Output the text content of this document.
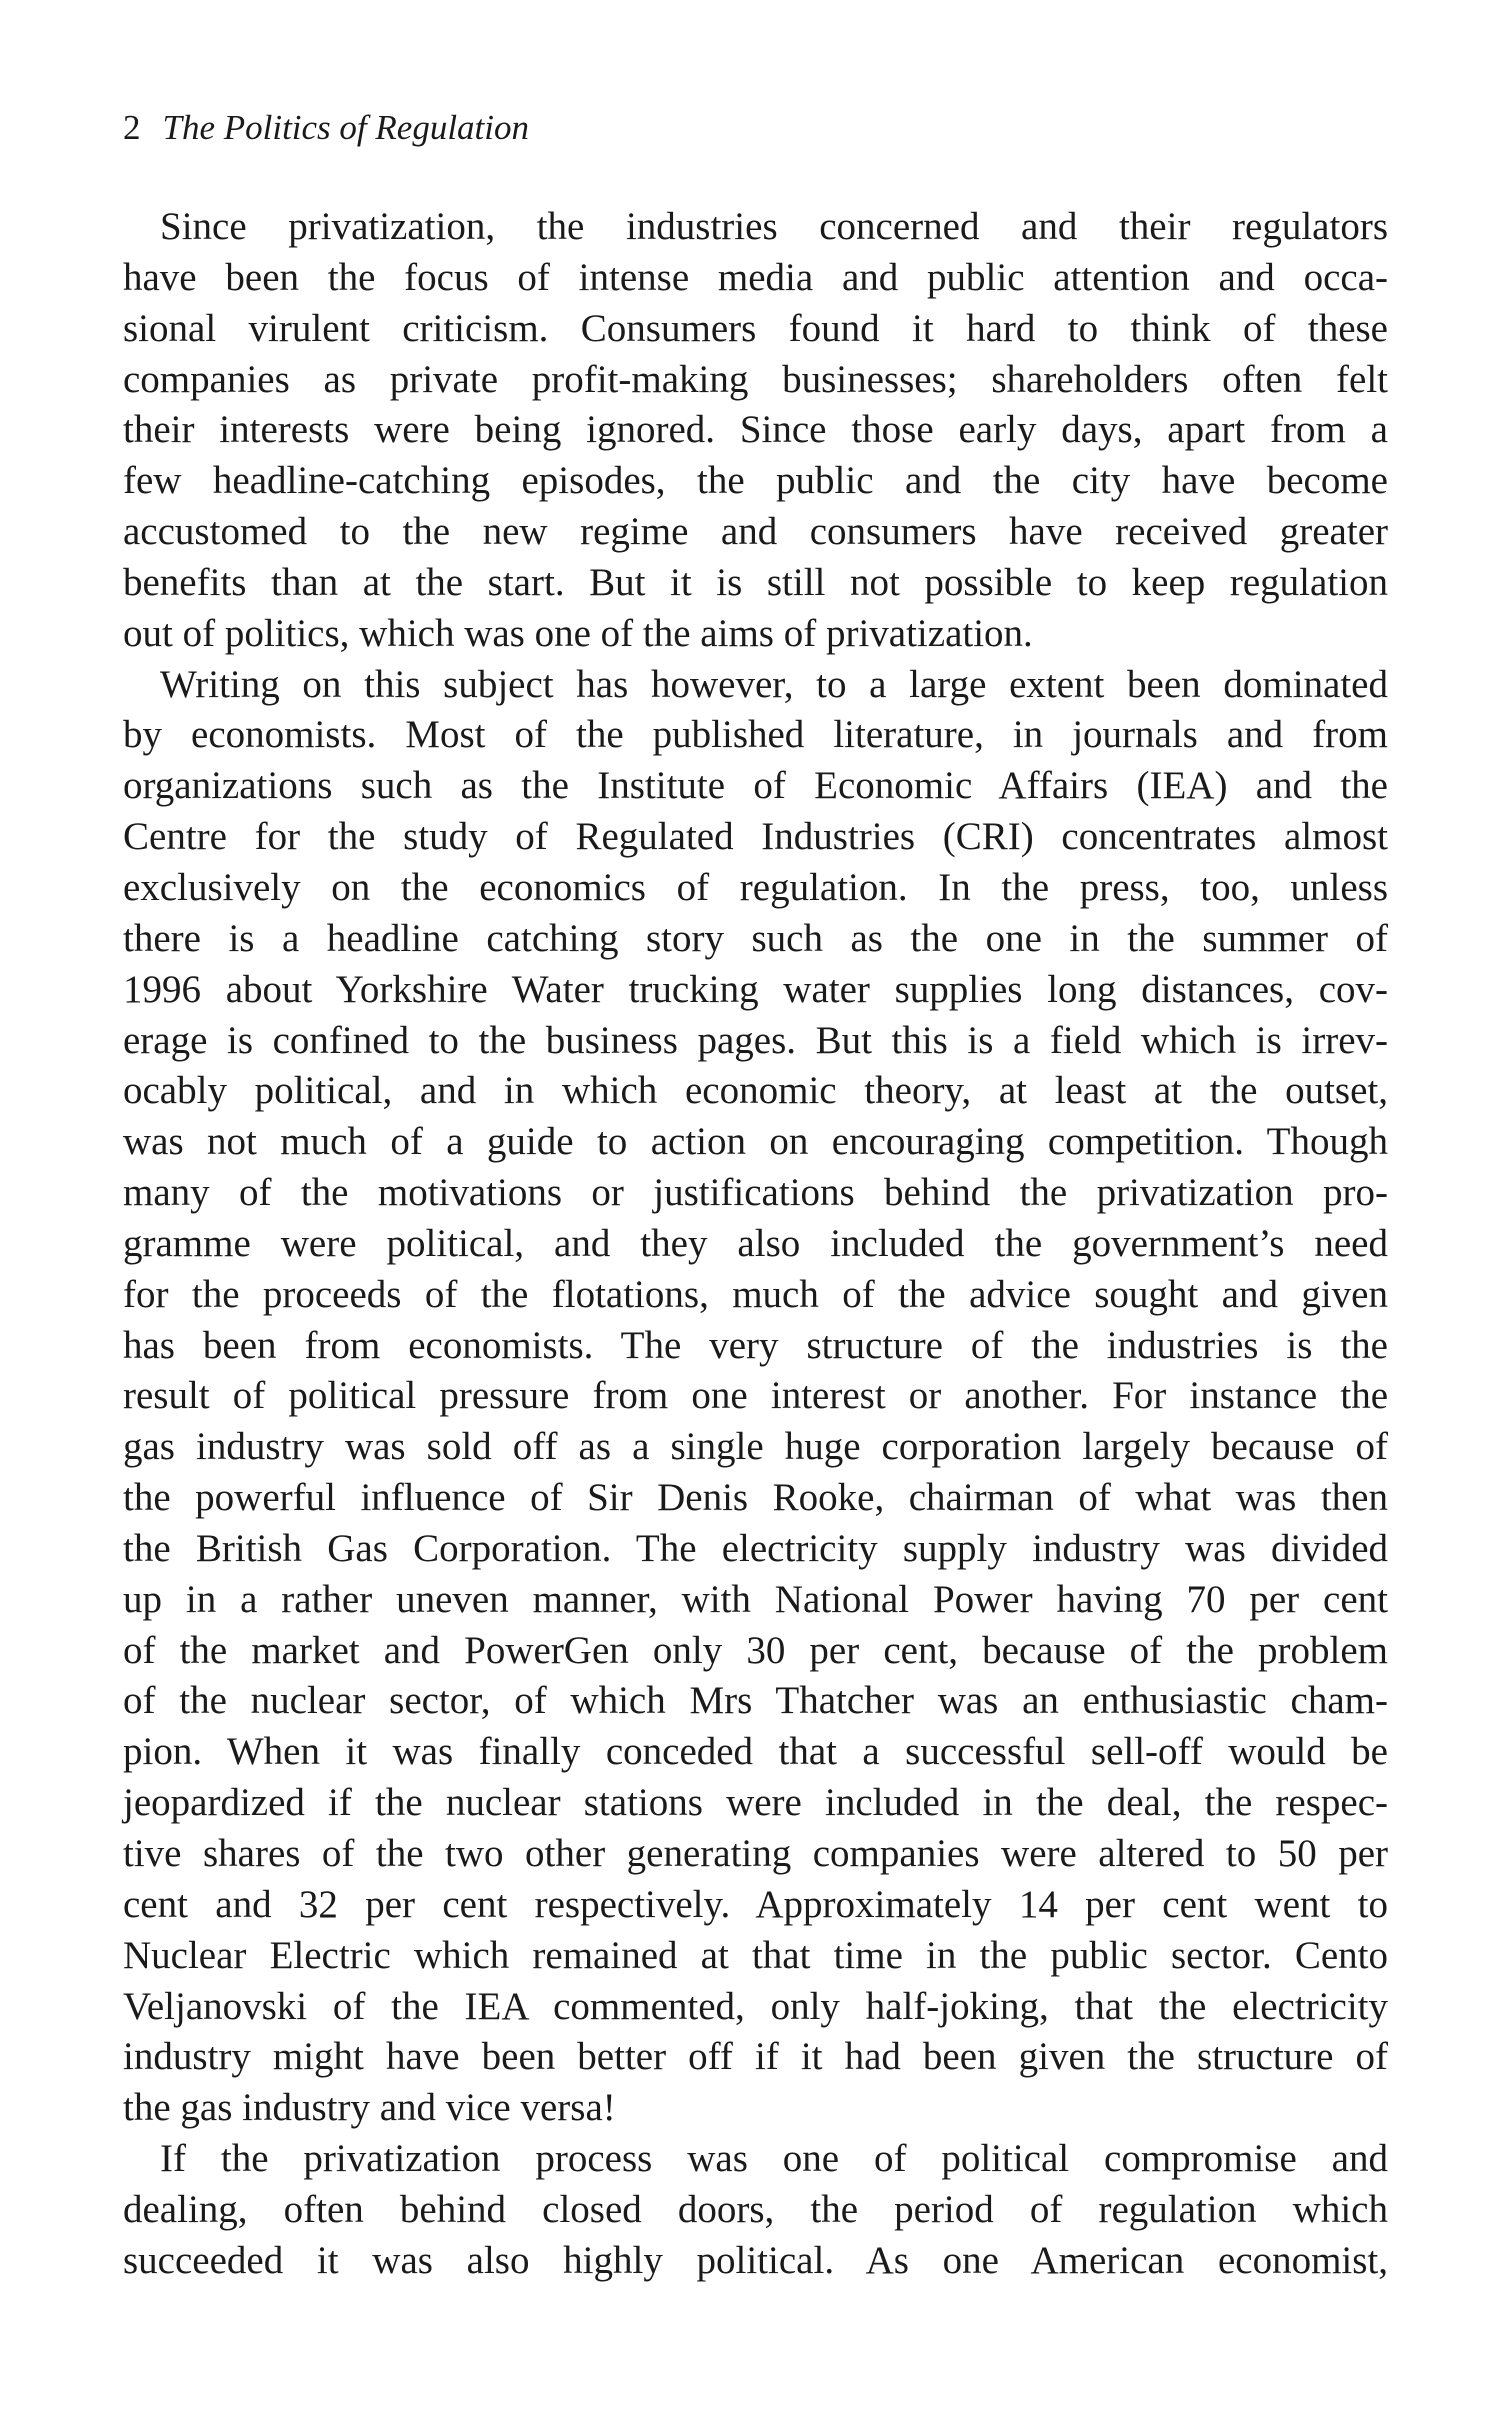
2 The Politics of Regulation
Since privatization, the industries concerned and their regulators
have been the focus of intense media and public attention and occa-
sional virulent criticism. Consumers found it hard to think of these
companies as private profit-making businesses; shareholders often felt
their interests were being ignored. Since those early days, apart from a
few headline-catching episodes, the public and the city have become
accustomed to the new regime and consumers have received greater
benefits than at the start. But it is still not possible to keep regulation
out of politics, which was one of the aims of privatization.
Writing on this subject has however, to a large extent been dominated
by economists. Most of the published literature, in journals and from
organizations such as the Institute of Economic Affairs (IEA) and the
Centre for the study of Regulated Industries (CRI) concentrates almost
exclusively on the economics of regulation. In the press, too, unless
there is a headline catching story such as the one in the summer of
1996 about Yorkshire Water trucking water supplies long distances, cov-
erage is confined to the business pages. But this is a field which is irrev-
ocably political, and in which economic theory, at least at the outset,
was not much of a guide to action on encouraging competition. Though
many of the motivations or justifications behind the privatization pro-
gramme were political, and they also included the government’s need
for the proceeds of the flotations, much of the advice sought and given
has been from economists. The very structure of the industries is the
result of political pressure from one interest or another. For instance the
gas industry was sold off as a single huge corporation largely because of
the powerful influence of Sir Denis Rooke, chairman of what was then
the British Gas Corporation. The electricity supply industry was divided
up in a rather uneven manner, with National Power having 70 per cent
of the market and PowerGen only 30 per cent, because of the problem
of the nuclear sector, of which Mrs Thatcher was an enthusiastic cham-
pion. When it was finally conceded that a successful sell-off would be
jeopardized if the nuclear stations were included in the deal, the respec-
tive shares of the two other generating companies were altered to 50 per
cent and 32 per cent respectively. Approximately 14 per cent went to
Nuclear Electric which remained at that time in the public sector. Cento
Veljanovski of the IEA commented, only half-joking, that the electricity
industry might have been better off if it had been given the structure of
the gas industry and vice versa!
If the privatization process was one of political compromise and
dealing, often behind closed doors, the period of regulation which
succeeded it was also highly political. As one American economist,
